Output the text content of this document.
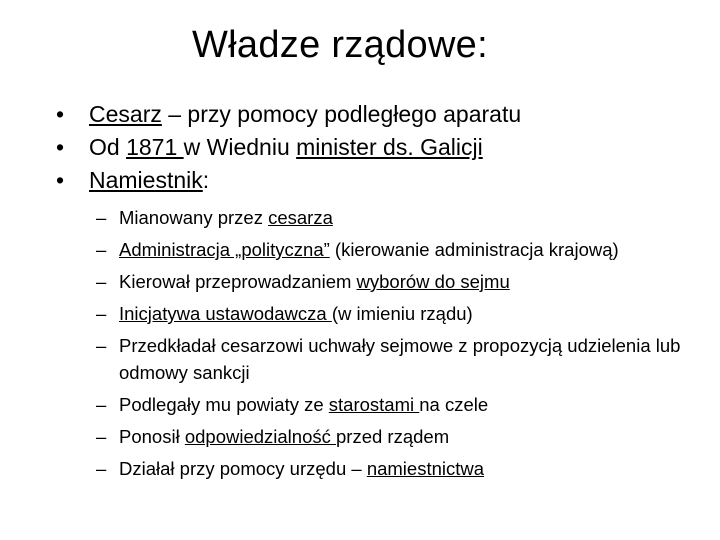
Władze rządowe:
•	Cesarz – przy pomocy podległego aparatu
•	Od 1871 w Wiedniu minister ds. Galicji
•	Namiestnik:
– Mianowany przez cesarza
– Administracja „polityczna” (kierowanie administracja krajową)
– Kierował przeprowadzaniem wyborów do sejmu
– Inicjatywa ustawodawcza (w imieniu rządu)
– Przedkładał cesarzowi uchwały sejmowe z propozycją udzielenia lub odmowy sankcji
– Podlegały mu powiaty ze starostami na czele
– Ponosił odpowiedzialność przed rządem
– Działał przy pomocy urzędu – namiestnictwa
